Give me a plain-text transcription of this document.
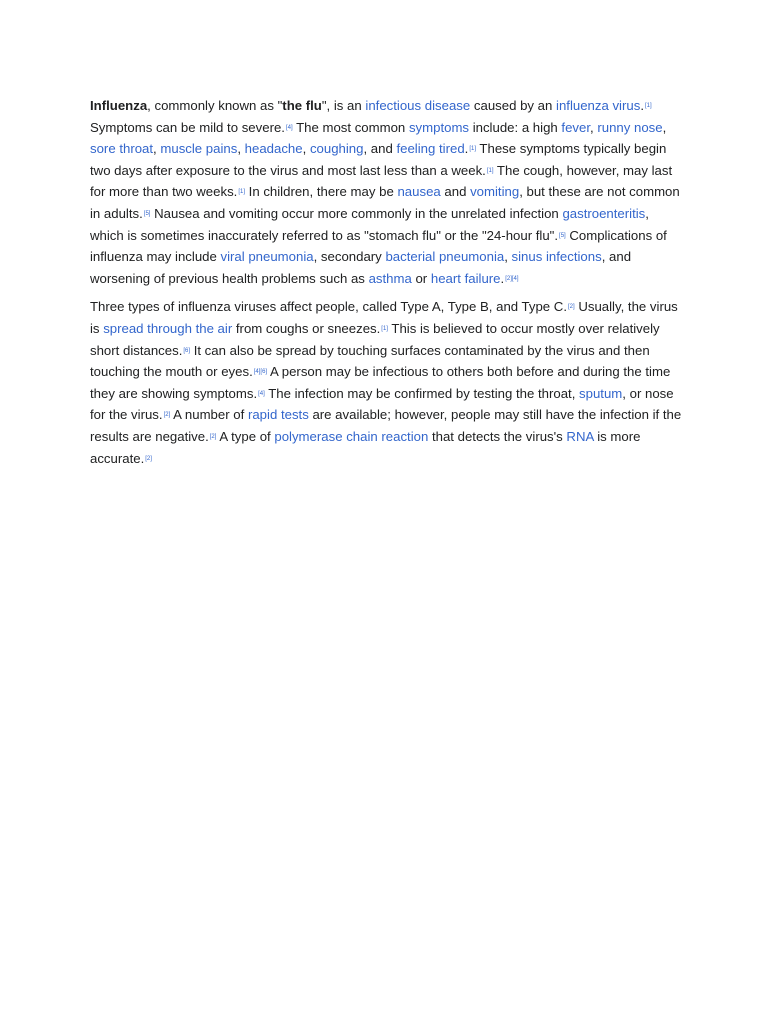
Influenza, commonly known as "the flu", is an infectious disease caused by an influenza virus.[1] Symptoms can be mild to severe.[4] The most common symptoms include: a high fever, runny nose, sore throat, muscle pains, headache, coughing, and feeling tired.[1] These symptoms typically begin two days after exposure to the virus and most last less than a week.[1] The cough, however, may last for more than two weeks.[1] In children, there may be nausea and vomiting, but these are not common in adults.[5] Nausea and vomiting occur more commonly in the unrelated infection gastroenteritis, which is sometimes inaccurately referred to as "stomach flu" or the "24-hour flu".[5] Complications of influenza may include viral pneumonia, secondary bacterial pneumonia, sinus infections, and worsening of previous health problems such as asthma or heart failure.[2][4]

Three types of influenza viruses affect people, called Type A, Type B, and Type C.[2] Usually, the virus is spread through the air from coughs or sneezes.[1] This is believed to occur mostly over relatively short distances.[6] It can also be spread by touching surfaces contaminated by the virus and then touching the mouth or eyes.[4][6] A person may be infectious to others both before and during the time they are showing symptoms.[4] The infection may be confirmed by testing the throat, sputum, or nose for the virus.[2] A number of rapid tests are available; however, people may still have the infection if the results are negative.[2] A type of polymerase chain reaction that detects the virus's RNA is more accurate.[2]
